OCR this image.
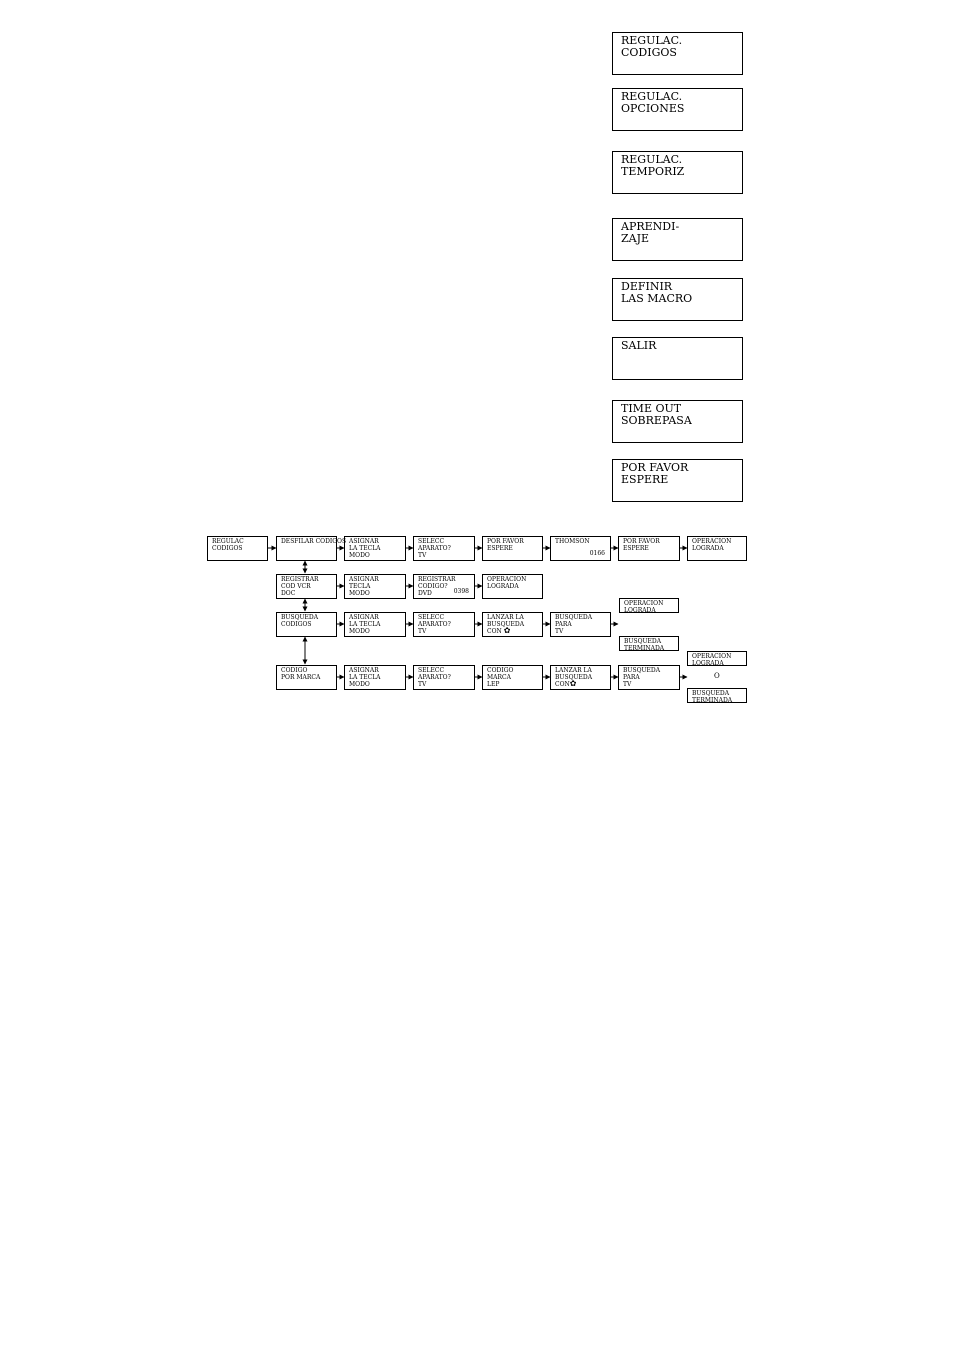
REGULAC.
CODIGOS
REGULAC.
OPCIONES
REGULAC.
TEMPORIZ
APRENDI-
ZAJE
DEFINIR
LAS MACRO
SALIR
TIME OUT
SOBREPASA
POR FAVOR
ESPERE
REGULAC
CODIGOS
DESFILAR CODIGOS ASIGNAR
LA TECLA
MODO
SELECC
APARATO?
TV
POR FAVOR
ESPERE
THOMSON
0166
POR FAVOR
ESPERE
OPERACION
LOGRADA
REGISTRAR
COD VCR
DOC
ASIGNAR
TECLA
MODO
REGISTRAR
CODIGO?
DVD	0398
OPERACION
LOGRADA
BUSQUEDA
CODIGOS
ASIGNAR
LA TECLA
MODO
SELECC
APARATO?
TV
LANZAR LA
BUSQUEDA
CON ✿
BUSQUEDA
PARA
TV
OPERACION
LOGRADA
BUSQUEDA
TERMINADA
CODIGO
POR MARCA
ASIGNAR
LA TECLA
MODO
SELECC
APARATO?
TV
CODIGO
MARCA
LEP
LANZAR LA
BUSQUEDA
CON✿
BUSQUEDA
PARA
TV
OPERACION
LOGRADA
O
BUSQUEDA
TERMINADA
